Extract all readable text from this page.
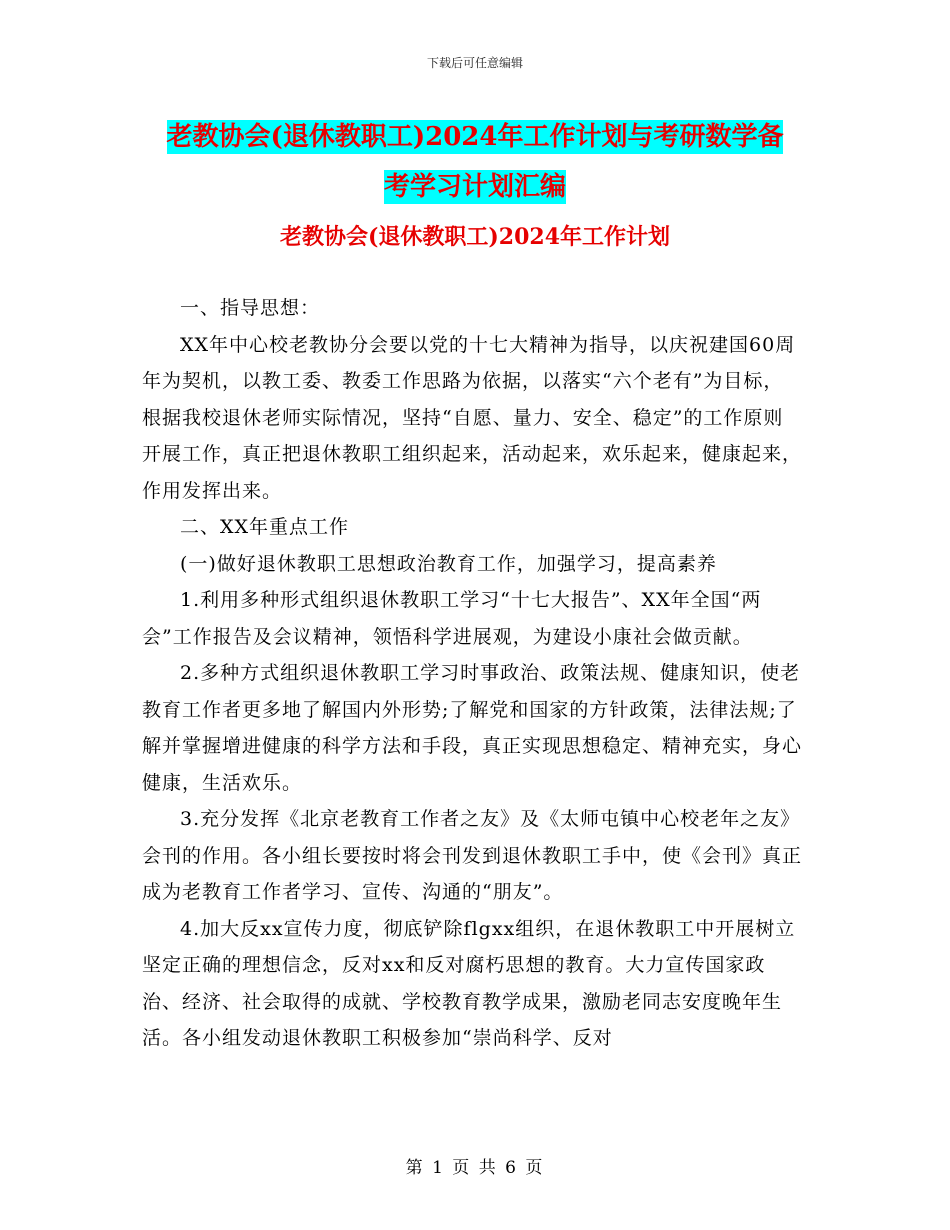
下载后可任意编辑
老教协会(退休教职工)2024年工作计划与考研数学备
考学习计划汇编
老教协会(退休教职工)2024年工作计划

一、指导思想：

XX年中心校老教协分会要以党的十七大精神为指导，以庆祝建国60周年为契机，以教工委、教委工作思路为依据，以落实“六个老有”为目标，根据我校退休老师实际情况，坚持“自愿、量力、安全、稳定”的工作原则开展工作，真正把退休教职工组织起来，活动起来，欢乐起来，健康起来，作用发挥出来。

二、XX年重点工作

(一)做好退休教职工思想政治教育工作，加强学习，提高素养

1.利用多种形式组织退休教职工学习“十七大报告”、XX年全国“两会”工作报告及会议精神，领悟科学进展观，为建设小康社会做贡献。

2.多种方式组织退休教职工学习时事政治、政策法规、健康知识，使老教育工作者更多地了解国内外形势;了解党和国家的方针政策，法律法规;了解并掌握增进健康的科学方法和手段，真正实现思想稳定、精神充实，身心健康，生活欢乐。

3.充分发挥《北京老教育工作者之友》及《太师屯镇中心校老年之友》会刊的作用。各小组长要按时将会刊发到退休教职工手中，使《会刊》真正成为老教育工作者学习、宣传、沟通的“朋友”。

4.加大反xx宣传力度，彻底铲除flgxx组织，在退休教职工中开展树立坚定正确的理想信念，反对xx和反对腐朽思想的教育。大力宣传国家政治、经济、社会取得的成就、学校教育教学成果，激励老同志安度晚年生活。各小组发动退休教职工积极参加“崇尚科学、反对

第 1 页 共 6 页
